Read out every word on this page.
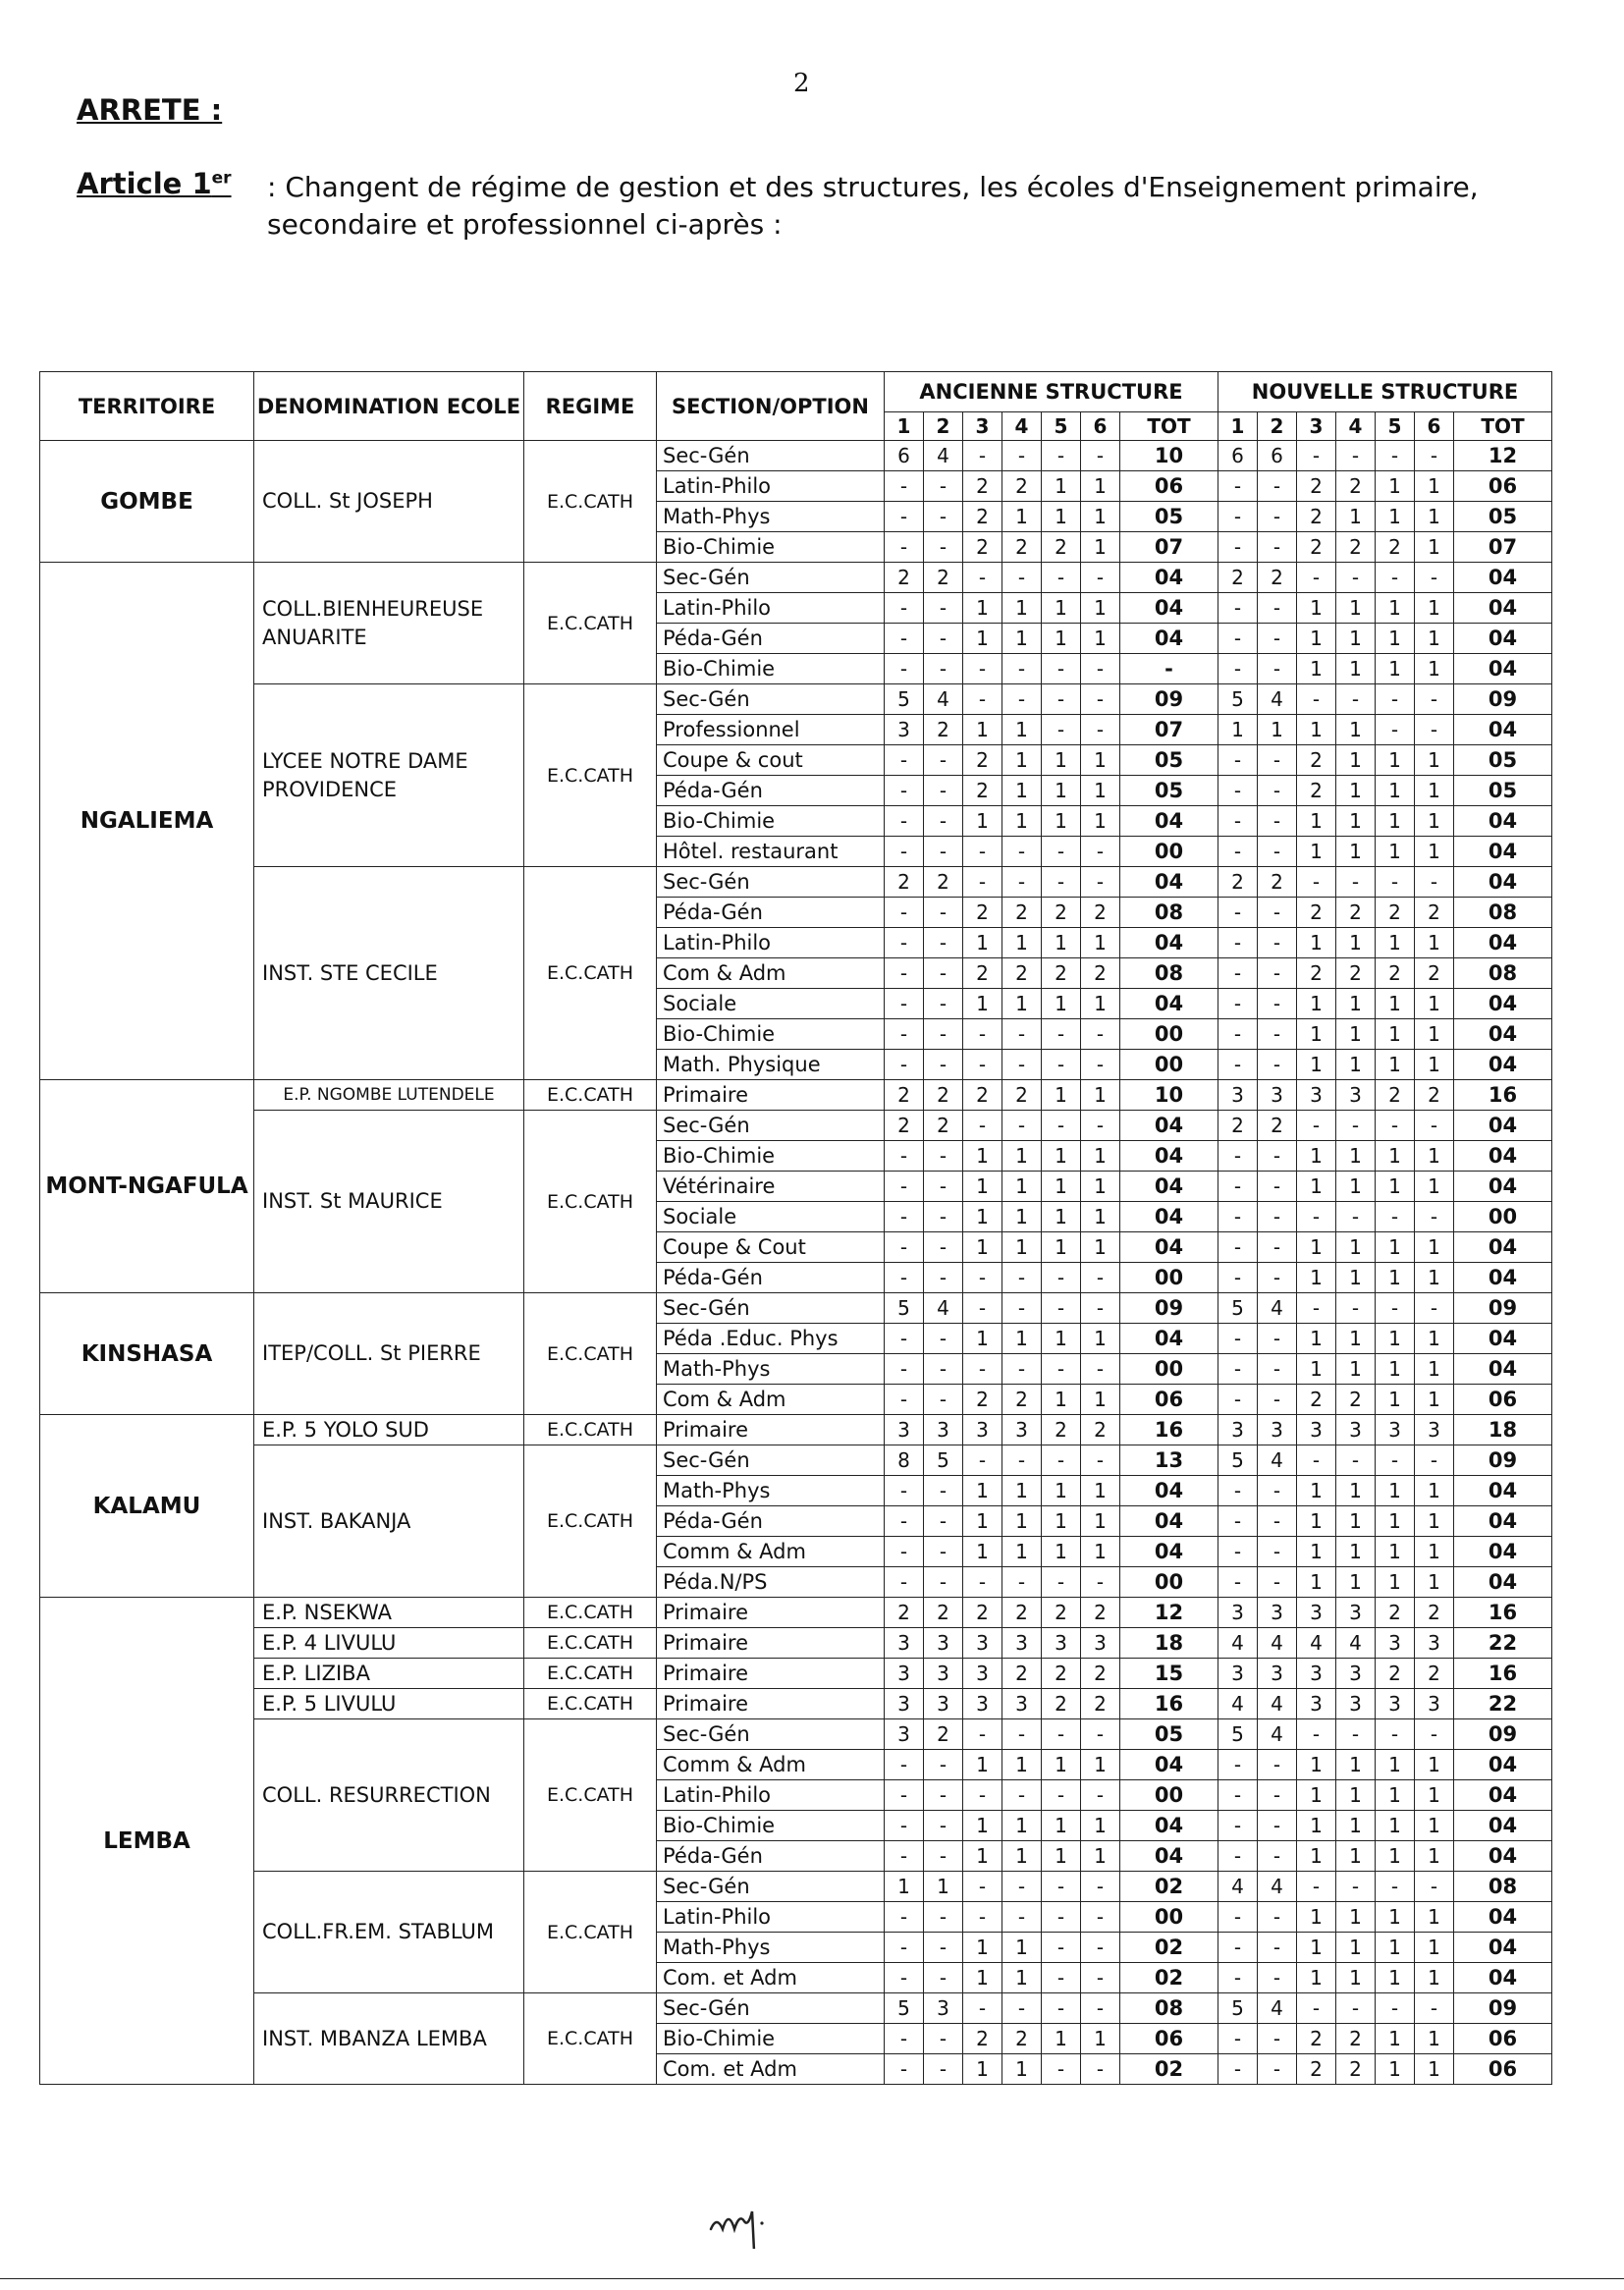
2
ARRETE :
Article 1er : Changent de régime de gestion et des structures, les écoles d'Enseignement primaire, secondaire et professionnel ci-après :
TERRITOIRE	DENOMINATION ECOLE	REGIME	SECTION/OPTION	ANCIENNE STRUCTURE							NOUVELLE STRUCTURE						
				1	2	3	4	5	6	TOT	1	2	3	4	5	6	TOT
GOMBE	COLL. St JOSEPH	E.C.CATH	Sec-Gén	6	4	-	-	-	-	10	6	6	-	-	-	-	12
			Latin-Philo	-	-	2	2	1	1	06	-	-	2	2	1	1	06
			Math-Phys	-	-	2	1	1	1	05	-	-	2	1	1	1	05
			Bio-Chimie	-	-	2	2	2	1	07	-	-	2	2	2	1	07
NGALIEMA	COLL.BIENHEUREUSE ANUARITE	E.C.CATH	Sec-Gén	2	2	-	-	-	-	04	2	2	-	-	-	-	04
			Latin-Philo	-	-	1	1	1	1	04	-	-	1	1	1	1	04
			Péda-Gén	-	-	1	1	1	1	04	-	-	1	1	1	1	04
			Bio-Chimie	-	-	-	-	-	-	-	-	-	1	1	1	1	04
	LYCEE NOTRE DAME PROVIDENCE	E.C.CATH	Sec-Gén	5	4	-	-	-	-	09	5	4	-	-	-	-	09
			Professionnel	3	2	1	1	-	-	07	1	1	1	1	-	-	04
			Coupe & cout	-	-	2	1	1	1	05	-	-	2	1	1	1	05
			Péda-Gén	-	-	2	1	1	1	05	-	-	2	1	1	1	05
			Bio-Chimie	-	-	1	1	1	1	04	-	-	1	1	1	1	04
			Hôtel. restaurant	-	-	-	-	-	-	00	-	-	1	1	1	1	04
	INST. STE CECILE	E.C.CATH	Sec-Gén	2	2	-	-	-	-	04	2	2	-	-	-	-	04
			Péda-Gén	-	-	2	2	2	2	08	-	-	2	2	2	2	08
			Latin-Philo	-	-	1	1	1	1	04	-	-	1	1	1	1	04
			Com & Adm	-	-	2	2	2	2	08	-	-	2	2	2	2	08
			Sociale	-	-	1	1	1	1	04	-	-	1	1	1	1	04
			Bio-Chimie	-	-	-	-	-	-	00	-	-	1	1	1	1	04
			Math. Physique	-	-	-	-	-	-	00	-	-	1	1	1	1	04
MONT-NGAFULA	E.P. NGOMBE LUTENDELE	E.C.CATH	Primaire	2	2	2	2	1	1	10	3	3	3	3	2	2	16
	INST. St MAURICE	E.C.CATH	Sec-Gén	2	2	-	-	-	-	04	2	2	-	-	-	-	04
			Bio-Chimie	-	-	1	1	1	1	04	-	-	1	1	1	1	04
			Vétérinaire	-	-	1	1	1	1	04	-	-	1	1	1	1	04
			Sociale	-	-	1	1	1	1	04	-	-	-	-	-	-	00
			Coupe & Cout	-	-	1	1	1	1	04	-	-	1	1	1	1	04
			Péda-Gén	-	-	-	-	-	-	00	-	-	1	1	1	1	04
KINSHASA	ITEP/COLL. St PIERRE	E.C.CATH	Sec-Gén	5	4	-	-	-	-	09	5	4	-	-	-	-	09
			Péda .Educ. Phys	-	-	1	1	1	1	04	-	-	1	1	1	1	04
			Math-Phys	-	-	-	-	-	-	00	-	-	1	1	1	1	04
			Com & Adm	-	-	2	2	1	1	06	-	-	2	2	1	1	06
KALAMU	E.P. 5 YOLO SUD	E.C.CATH	Primaire	3	3	3	3	2	2	16	3	3	3	3	3	3	18
	INST. BAKANJA	E.C.CATH	Sec-Gén	8	5	-	-	-	-	13	5	4	-	-	-	-	09
			Math-Phys	-	-	1	1	1	1	04	-	-	1	1	1	1	04
			Péda-Gén	-	-	1	1	1	1	04	-	-	1	1	1	1	04
			Comm & Adm	-	-	1	1	1	1	04	-	-	1	1	1	1	04
			Péda.N/PS	-	-	-	-	-	-	00	-	-	1	1	1	1	04
LEMBA	E.P. NSEKWA	E.C.CATH	Primaire	2	2	2	2	2	2	12	3	3	3	3	2	2	16
	E.P. 4 LIVULU	E.C.CATH	Primaire	3	3	3	3	3	3	18	4	4	4	4	3	3	22
	E.P. LIZIBA	E.C.CATH	Primaire	3	3	3	2	2	2	15	3	3	3	3	2	2	16
	E.P. 5 LIVULU	E.C.CATH	Primaire	3	3	3	3	2	2	16	4	4	3	3	3	3	22
	COLL. RESURRECTION	E.C.CATH	Sec-Gén	3	2	-	-	-	-	05	5	4	-	-	-	-	09
			Comm & Adm	-	-	1	1	1	1	04	-	-	1	1	1	1	04
			Latin-Philo	-	-	-	-	-	-	00	-	-	1	1	1	1	04
			Bio-Chimie	-	-	1	1	1	1	04	-	-	1	1	1	1	04
			Péda-Gén	-	-	1	1	1	1	04	-	-	1	1	1	1	04
	COLL.FR.EM. STABLUM	E.C.CATH	Sec-Gén	1	1	-	-	-	-	02	4	4	-	-	-	-	08
			Latin-Philo	-	-	-	-	-	-	00	-	-	1	1	1	1	04
			Math-Phys	-	-	1	1	-	-	02	-	-	1	1	1	1	04
			Com. et Adm	-	-	1	1	-	-	02	-	-	1	1	1	1	04
	INST. MBANZA LEMBA	E.C.CATH	Sec-Gén	5	3	-	-	-	-	08	5	4	-	-	-	-	09
			Bio-Chimie	-	-	2	2	1	1	06	-	-	2	2	1	1	06
			Com. et Adm	-	-	1	1	-	-	02	-	-	2	2	1	1	06
